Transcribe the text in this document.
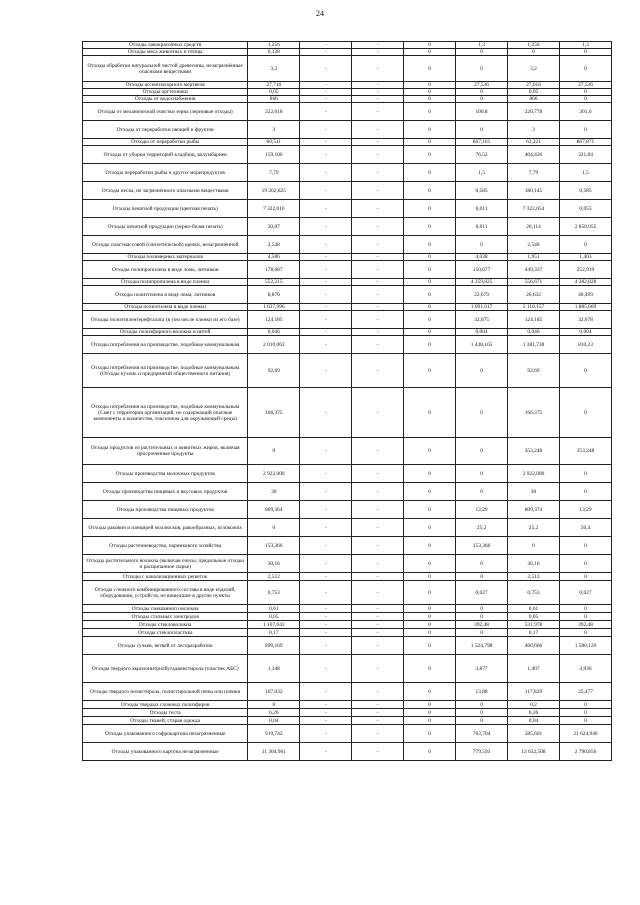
24
Отходы лакокрасочных средств	1,256	-	-	0	1,3	1,256	1,3
Отходы мяса животных и птицы	0,128	-	-	0	0	0	0
Отходы обработки натуральной чистой древесины, незагрязнённые опасными веществами	3,2	-	-	0	0	3,2	0
Отходы ассенизаторного мертвеля	27,716	-	-	0	27,536	27,616	27,536
Отходы оргтехники	0,05	-	-	0	0	0,05	0
Отходы от водоснабжения	866	-	-	0	0	866	0
Отходы от механической очистки зерна (зерновые отходы)	322,618	-	-	0	100,8	220,778	201,6
Отходы от переработки овощей и фруктов	3	-	-	0	0	3	0
Отходы от переработки рыбы	60,511	-	-	0	867,161	61,221	867,871
Отходы от уборки территорий кладбищ, колумбариев	159,106	-	-	0	76,52	404,426	321,84
Отходы переработки рыбы и других морепродуктов	7,79	-	-	0	1,5	7,79	1,5
Отходы песка, не загрязнённого опасными веществами	19 262,825	-	-	0	0,585	180,145	0,585
Отходы печатной продукции (цветная печать)	7 322,010	-	-	0	0,011	7 322,054	0,055
Отходы печатной продукции (черно-белая печать)	20,07	-	-	0	0,011	20,114	2 850,055
Отходы пластмассовой (синтетической) щепки, незагрязнённой	2,548	-	-	0	0	2,548	0
Отходы полимерных материалов	4,586	-	-	0	4,038	1,951	1,403
Отходы полипропилена в виде лома, литников	178,687	-	-	0	150,677	449,337	252,919
Отходы полипропилена в виде пленки	552,215	-	-	0	4 259,825	556,671	4 282,828
Отходы полиэтилена в виде лома, литников	8,876	-	-	0	22,679	26,632	40,499
Отходы полиэтилена в виде пленки	1 637,996	-	-	0	1 091,017	2 110,157	1 885,669
Отходы полиэтилентерефталата (в том числе пленки из его базе)	124,185	-	-	0	32,675	124,185	32,678
Отходы полиэфирного волокна и нитей	0,046	-	-	0	0,004	0,046	0,004
Отходы потребления на производстве, подобные коммунальным	2 010,063	-	-	0	1 438,165	1 381,738	810,23
Отходы потребления на производстве, подобные коммунальным (Отходы кухонь и предприятий общественного питания)	92,69	-	-	0	0	92,69	0
Отходы потребления на производстве, подобные коммунальным (Смет с территории организаций, не содержащий опасные компоненты в количестве, токсичном для окружающей среды)	166,375	-	-	0	0	166,375	0
Отходы продуктов из растительных и животных жиров, включая просроченные продукты	0	-	-	0	0	353,248	353,248
Отходы производства молочных продуктов	2 922,000	-	-	0	0	2 922,000	0
Отходы производства пищевых и вкусовых продуктов	30	-	-	0	0	30	0
Отходы производства пищевых продуктов	809,364	-	-	0	13,29	809,374	13,29
Отходы раковин и панцирей моллюсков, ракообразных, иглокожих	0	-	-	0	25,2	25,2	50,4
Отходы растениеводства, парникового хозяйства	153,366	-	-	0	153,366	0	0
Отходы растительного волокна (включая очесы, прядильные отходы и расщипанное сырье)	30,16	-	-	0	0	30,16	0
Отходы с канализационных решеток	2,512	-	-	0	0	2,512	0
Отходы сложного комбинированного состава в виде изделий, оборудования, устройств, не вошедшие в другие пункты	0,753	-	-	0	0,027	0,753	0,027
Отходы смешанного волокна	0,61	-	-	0	0	0,61	0
Отходы стальных электродов	0,05	-	-	0	0	0,05	0
Отходы стекловолокна	1 107,043	-	-	0	392,48	531,978	392,48
Отходы стеклопластика	0,17	-	-	0	0	0,17	0
Отходы сучьев, ветвей от лесоразработок	890,169	-	-	0	1 524,798	460,666	1 580,120
Отходы твердого акрилонитрилбутадиенстирола (пластик АБС)	1,348	-	-	0	3,877	1,407	3,936
Отходы твердого полистирола, полистирольной пены или пленки	107,032	-	-	0	13,88	117,829	25,477
Отходы твердых сложных полиэфиров	0	-	-	0	0	0,2	0
Отходы теста	6,26	-	-	0	0	6,26	0
Отходы тканей, старая одежда	0,04	-	-	0	0	0,04	0
Отходы упакованного гофрокартона незагрязненные	910,742	-	-	0	763,704	585,601	21 624,946
Отходы упакованного картона незагрязненные	11 304,961	-	-	0	779,593	13 632,508	2 790,856
